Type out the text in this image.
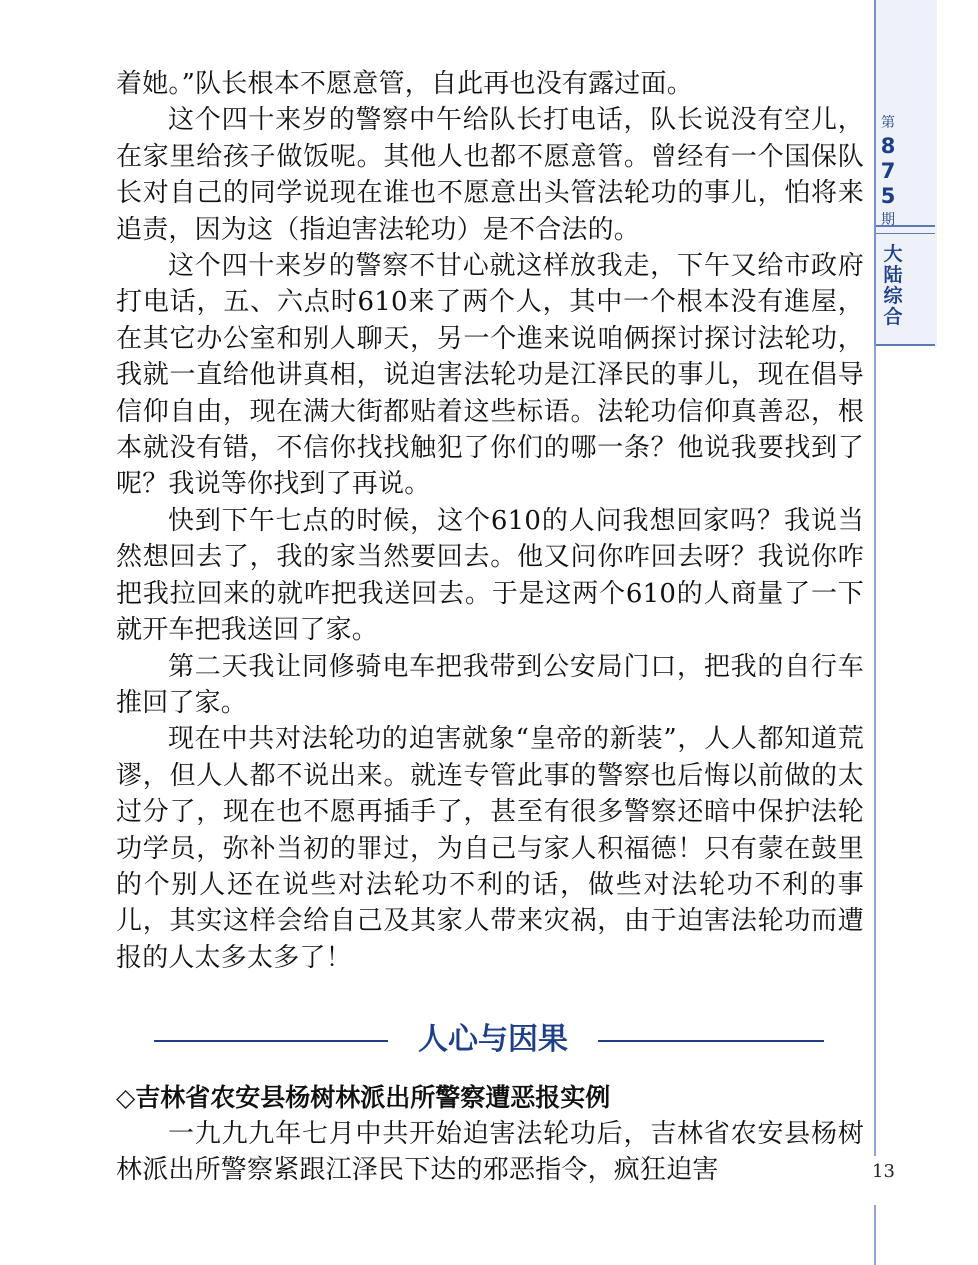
第
8
7
5
期
大
陆
综
合
13

着她。”队长根本不愿意管，自此再也没有露过面。

这个四十来岁的警察中午给队长打电话，队长说没有空儿，在家里给孩子做饭呢。其他人也都不愿意管。曾经有一个国保队长对自己的同学说现在谁也不愿意出头管法轮功的事儿，怕将来追责，因为这（指迫害法轮功）是不合法的。

这个四十来岁的警察不甘心就这样放我走，下午又给市政府打电话，五、六点时610来了两个人，其中一个根本没有進屋，在其它办公室和别人聊天，另一个進来说咱俩探讨探讨法轮功，我就一直给他讲真相，说迫害法轮功是江泽民的事儿，现在倡导信仰自由，现在满大街都贴着这些标语。法轮功信仰真善忍，根本就没有错，不信你找找触犯了你们的哪一条？他说我要找到了呢？我说等你找到了再说。

快到下午七点的时候，这个610的人问我想回家吗？我说当然想回去了，我的家当然要回去。他又问你咋回去呀？我说你咋把我拉回来的就咋把我送回去。于是这两个610的人商量了一下就开车把我送回了家。

第二天我让同修骑电车把我带到公安局门口，把我的自行车推回了家。

现在中共对法轮功的迫害就象“皇帝的新装”，人人都知道荒谬，但人人都不说出来。就连专管此事的警察也后悔以前做的太过分了，现在也不愿再插手了，甚至有很多警察还暗中保护法轮功学员，弥补当初的罪过，为自己与家人积福德！只有蒙在鼓里的个别人还在说些对法轮功不利的话，做些对法轮功不利的事儿，其实这样会给自己及其家人带来灾祸，由于迫害法轮功而遭报的人太多太多了！

人心与因果
◇吉林省农安县杨树林派出所警察遭恶报实例

一九九九年七月中共开始迫害法轮功后，吉林省农安县杨树林派出所警察紧跟江泽民下达的邪恶指令，疯狂迫害
